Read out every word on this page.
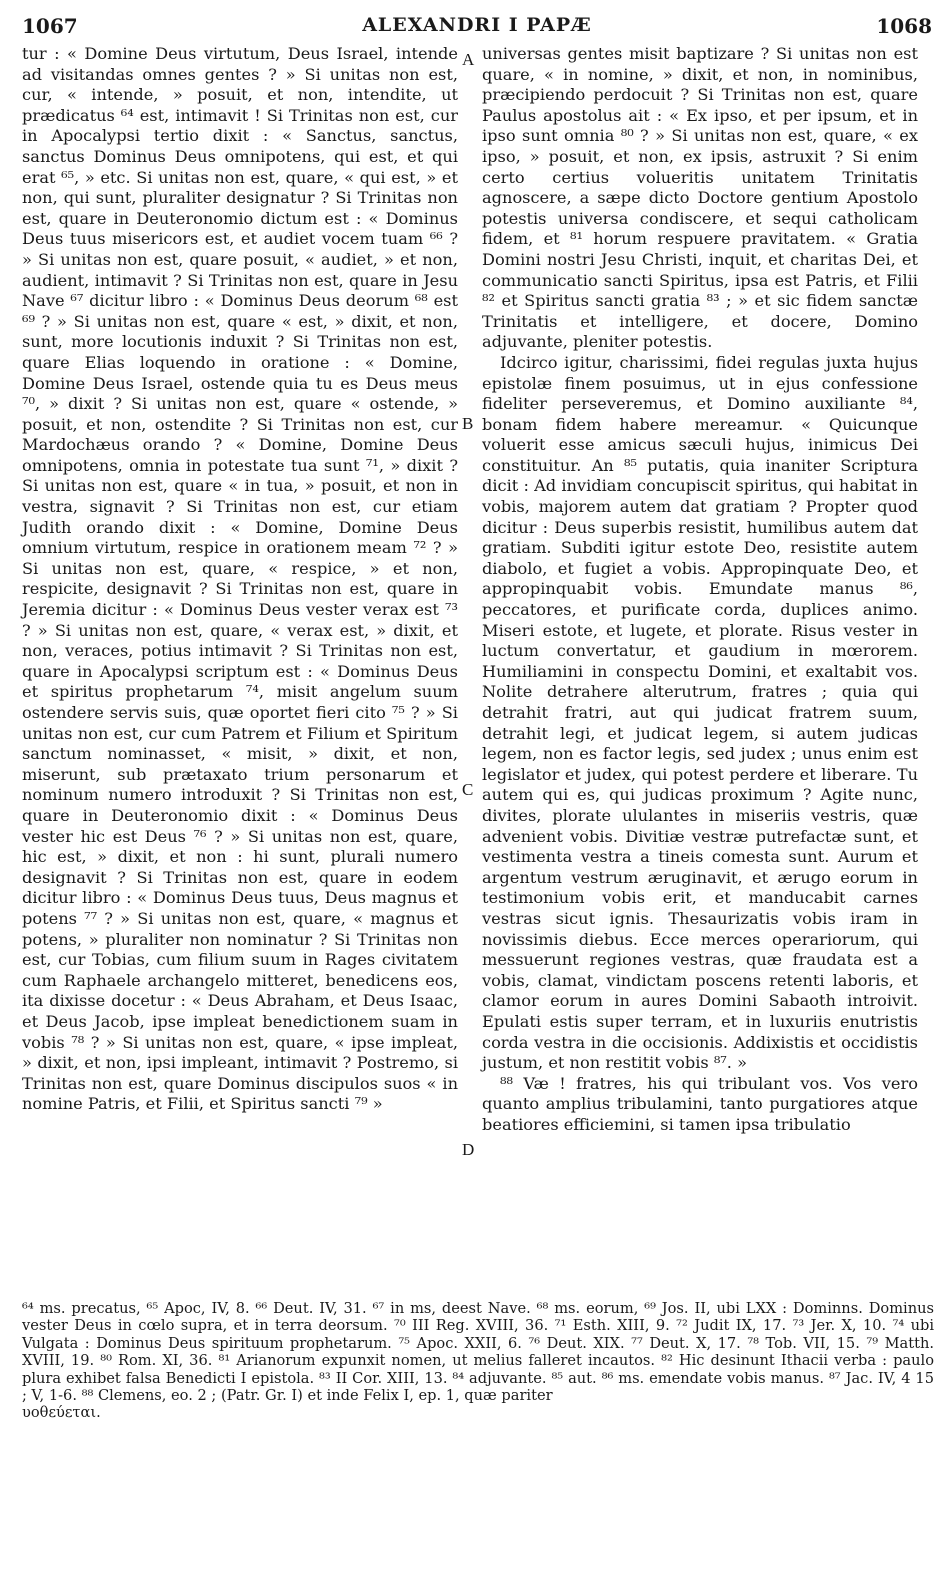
1067	ALEXANDRI I PAPÆ	1068

tur : « Domine Deus virtutum, Deus Israel, intende ad visitandas omnes gentes ? » Si unitas non est, cur, « intende, » posuit, et non, intendite, ut prædicatus ⁶⁴ est, intimavit ! Si Trinitas non est, cur in Apocalypsi tertio dixit : « Sanctus, sanctus, sanctus Dominus Deus omnipotens, qui est, et qui erat ⁶⁵, » etc. Si unitas non est, quare, « qui est, » et non, qui sunt, pluraliter designatur ? Si Trinitas non est, quare in Deuteronomio dictum est : « Dominus Deus tuus misericors est, et audiet vocem tuam ⁶⁶ ? » Si unitas non est, quare posuit, « audiet, » et non, audient, intimavit ? Si Trinitas non est, quare in Jesu Nave ⁶⁷ dicitur libro : « Dominus Deus deorum ⁶⁸ est ⁶⁹ ? » Si unitas non est, quare « est, » dixit, et non, sunt, more locutionis induxit ? Si Trinitas non est, quare Elias loquendo in oratione : « Domine, Domine Deus Israel, ostende quia tu es Deus meus ⁷⁰, » dixit ? Si unitas non est, quare « ostende, » posuit, et non, ostendite ? Si Trinitas non est, cur Mardochæus orando ? « Domine, Domine Deus omnipotens, omnia in potestate tua sunt ⁷¹, » dixit ? Si unitas non est, quare « in tua, » posuit, et non in vestra, signavit ? Si Trinitas non est, cur etiam Judith orando dixit : « Domine, Domine Deus omnium virtutum, respice in orationem meam ⁷² ? » Si unitas non est, quare, « respice, » et non, respicite, designavit ? Si Trinitas non est, quare in Jeremia dicitur : « Dominus Deus vester verax est ⁷³ ? » Si unitas non est, quare, « verax est, » dixit, et non, veraces, potius intimavit ? Si Trinitas non est, quare in Apocalypsi scriptum est : « Dominus Deus et spiritus prophetarum ⁷⁴, misit angelum suum ostendere servis suis, quæ oportet fieri cito ⁷⁵ ? » Si unitas non est, cur cum Patrem et Filium et Spiritum sanctum nominasset, « misit, » dixit, et non, miserunt, sub prætaxato trium personarum et nominum numero introduxit ? Si Trinitas non est, quare in Deuteronomio dixit : « Dominus Deus vester hic est Deus ⁷⁶ ? » Si unitas non est, quare, hic est, » dixit, et non : hi sunt, plurali numero designavit ? Si Trinitas non est, quare in eodem dicitur libro : « Dominus Deus tuus, Deus magnus et potens ⁷⁷ ? » Si unitas non est, quare, « magnus et potens, » pluraliter non nominatur ? Si Trinitas non est, cur Tobias, cum filium suum in Rages civitatem cum Raphaele archangelo mitteret, benedicens eos, ita dixisse docetur : « Deus Abraham, et Deus Isaac, et Deus Jacob, ipse impleat benedictionem suam in vobis ⁷⁸ ? » Si unitas non est, quare, « ipse impleat, » dixit, et non, ipsi impleant, intimavit ? Postremo, si Trinitas non est, quare Dominus discipulos suos « in nomine Patris, et Filii, et Spiritus sancti ⁷⁹ »

A
B
C
D

universas gentes misit baptizare ? Si unitas non est quare, « in nomine, » dixit, et non, in nominibus, præcipiendo perdocuit ? Si Trinitas non est, quare Paulus apostolus ait : « Ex ipso, et per ipsum, et in ipso sunt omnia ⁸⁰ ? » Si unitas non est, quare, « ex ipso, » posuit, et non, ex ipsis, astruxit ? Si enim certo certius volueritis unitatem Trinitatis agnoscere, a sæpe dicto Doctore gentium Apostolo potestis universa condiscere, et sequi catholicam fidem, et ⁸¹ horum respuere pravitatem. « Gratia Domini nostri Jesu Christi, inquit, et charitas Dei, et communicatio sancti Spiritus, ipsa est Patris, et Filii ⁸² et Spiritus sancti gratia ⁸³ ; » et sic fidem sanctæ Trinitatis et intelligere, et docere, Domino adjuvante, pleniter potestis.

Idcirco igitur, charissimi, fidei regulas juxta hujus epistolæ finem posuimus, ut in ejus confessione fideliter perseveremus, et Domino auxiliante ⁸⁴, bonam fidem habere mereamur. « Quicunque voluerit esse amicus sæculi hujus, inimicus Dei constituitur. An ⁸⁵ putatis, quia inaniter Scriptura dicit : Ad invidiam concupiscit spiritus, qui habitat in vobis, majorem autem dat gratiam ? Propter quod dicitur : Deus superbis resistit, humilibus autem dat gratiam. Subditi igitur estote Deo, resistite autem diabolo, et fugiet a vobis. Appropinquate Deo, et appropinquabit vobis. Emundate manus ⁸⁶, peccatores, et purificate corda, duplices animo. Miseri estote, et lugete, et plorate. Risus vester in luctum convertatur, et gaudium in mœrorem. Humiliamini in conspectu Domini, et exaltabit vos. Nolite detrahere alterutrum, fratres ; quia qui detrahit fratri, aut qui judicat fratrem suum, detrahit legi, et judicat legem, si autem judicas legem, non es factor legis, sed judex ; unus enim est legislator et judex, qui potest perdere et liberare. Tu autem qui es, qui judicas proximum ? Agite nunc, divites, plorate ululantes in miseriis vestris, quæ advenient vobis. Divitiæ vestræ putrefactæ sunt, et vestimenta vestra a tineis comesta sunt. Aurum et argentum vestrum æruginavit, et ærugo eorum in testimonium vobis erit, et manducabit carnes vestras sicut ignis. Thesaurizatis vobis iram in novissimis diebus. Ecce merces operariorum, qui messuerunt regiones vestras, quæ fraudata est a vobis, clamat, vindictam poscens retenti laboris, et clamor eorum in aures Domini Sabaoth introivit. Epulati estis super terram, et in luxuriis enutristis corda vestra in die occisionis. Addixistis et occidistis justum, et non restitit vobis ⁸⁷. »

⁸⁸ Væ ! fratres, his qui tribulant vos. Vos vero quanto amplius tribulamini, tanto purgatiores atque beatiores efficiemini, si tamen ipsa tribulatio

⁶⁴ ms. precatus, ⁶⁵ Apoc, IV, 8. ⁶⁶ Deut. IV, 31. ⁶⁷ in ms, deest Nave. ⁶⁸ ms. eorum, ⁶⁹ Jos. II, ubi LXX : Dominns. Dominus vester Deus in cœlo supra, et in terra deorsum. ⁷⁰ III Reg. XVIII, 36. ⁷¹ Esth. XIII, 9. ⁷² Judit IX, 17. ⁷³ Jer. X, 10. ⁷⁴ ubi Vulgata : Dominus Deus spirituum prophetarum. ⁷⁵ Apoc. XXII, 6. ⁷⁶ Deut. XIX. ⁷⁷ Deut. X, 17. ⁷⁸ Tob. VII, 15. ⁷⁹ Matth. XVIII, 19. ⁸⁰ Rom. XI, 36. ⁸¹ Arianorum expunxit nomen, ut melius falleret incautos. ⁸² Hic desinunt Ithacii verba : paulo plura exhibet falsa Benedicti I epistola. ⁸³ II Cor. XIII, 13. ⁸⁴ adjuvante. ⁸⁵ aut. ⁸⁶ ms. emendate vobis manus. ⁸⁷ Jac. IV, 4 15 ; V, 1-6. ⁸⁸ Clemens, eo. 2 ; (Patr. Gr. I) et inde Felix I, ep. 1, quæ pariter

υοθεύεται.
